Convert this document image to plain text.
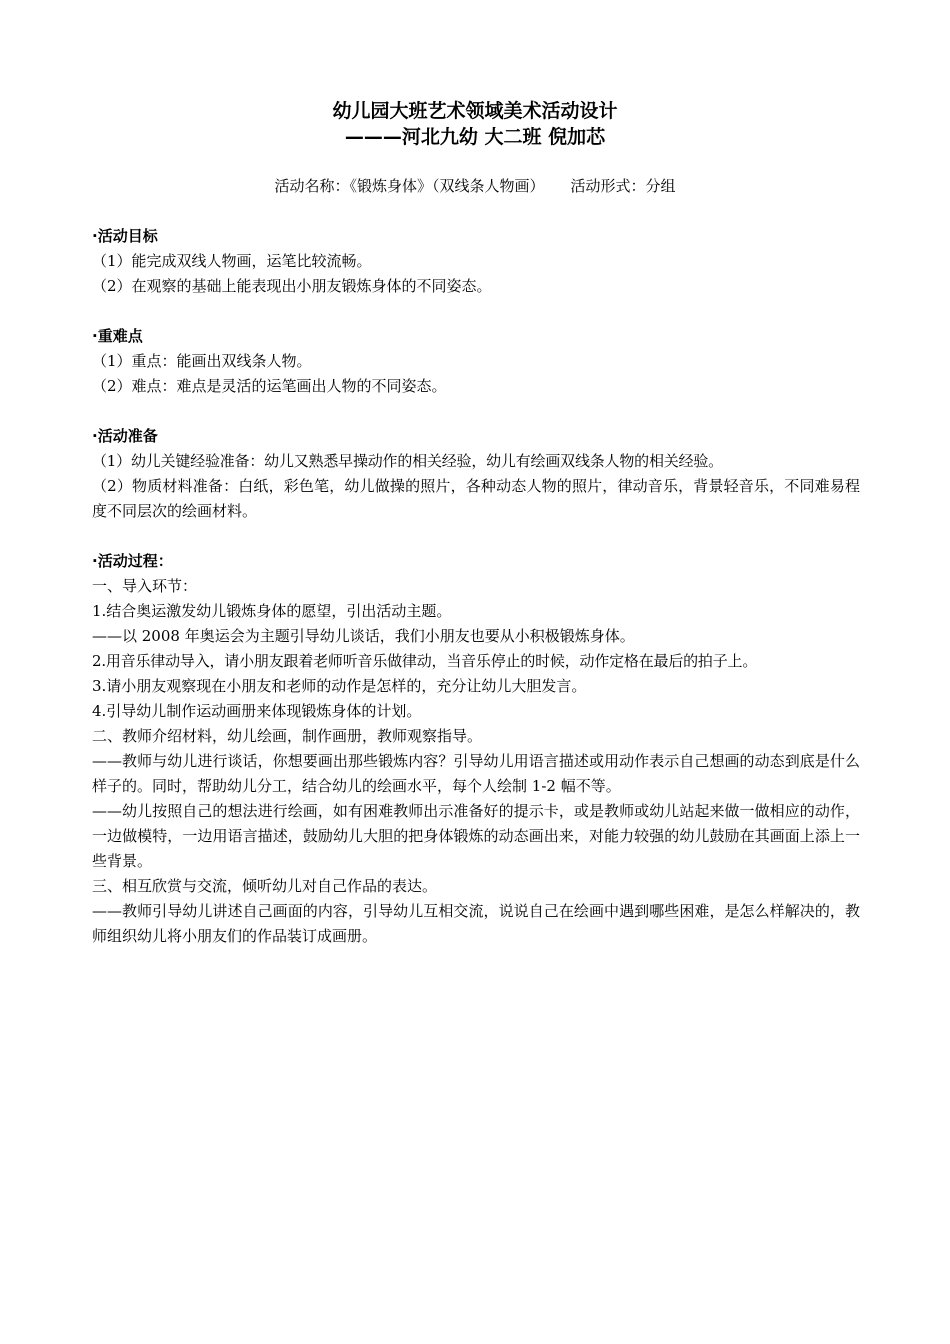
幼儿园大班艺术领域美术活动设计
———河北九幼 大二班 倪加芯
活动名称：《锻炼身体》（双线条人物画） 活动形式：分组

·活动目标

（1）能完成双线人物画，运笔比较流畅。

（2）在观察的基础上能表现出小朋友锻炼身体的不同姿态。

·重难点

（1）重点：能画出双线条人物。

（2）难点：难点是灵活的运笔画出人物的不同姿态。

·活动准备

（1）幼儿关键经验准备：幼儿又熟悉早操动作的相关经验，幼儿有绘画双线条人物的相关经验。

（2）物质材料准备：白纸，彩色笔，幼儿做操的照片，各种动态人物的照片，律动音乐，背景轻音乐，不同难易程度不同层次的绘画材料。

·活动过程：

一、导入环节：

1.结合奥运激发幼儿锻炼身体的愿望，引出活动主题。

——以 2008 年奥运会为主题引导幼儿谈话，我们小朋友也要从小积极锻炼身体。

2.用音乐律动导入，请小朋友跟着老师听音乐做律动，当音乐停止的时候，动作定格在最后的拍子上。

3.请小朋友观察现在小朋友和老师的动作是怎样的，充分让幼儿大胆发言。

4.引导幼儿制作运动画册来体现锻炼身体的计划。

二、教师介绍材料，幼儿绘画，制作画册，教师观察指导。

——教师与幼儿进行谈话，你想要画出那些锻炼内容？引导幼儿用语言描述或用动作表示自己想画的动态到底是什么样子的。同时，帮助幼儿分工，结合幼儿的绘画水平，每个人绘制 1-2 幅不等。

——幼儿按照自己的想法进行绘画，如有困难教师出示准备好的提示卡，或是教师或幼儿站起来做一做相应的动作，一边做模特，一边用语言描述，鼓励幼儿大胆的把身体锻炼的动态画出来，对能力较强的幼儿鼓励在其画面上添上一些背景。

三、相互欣赏与交流，倾听幼儿对自己作品的表达。

——教师引导幼儿讲述自己画面的内容，引导幼儿互相交流，说说自己在绘画中遇到哪些困难，是怎么样解决的，教师组织幼儿将小朋友们的作品装订成画册。
